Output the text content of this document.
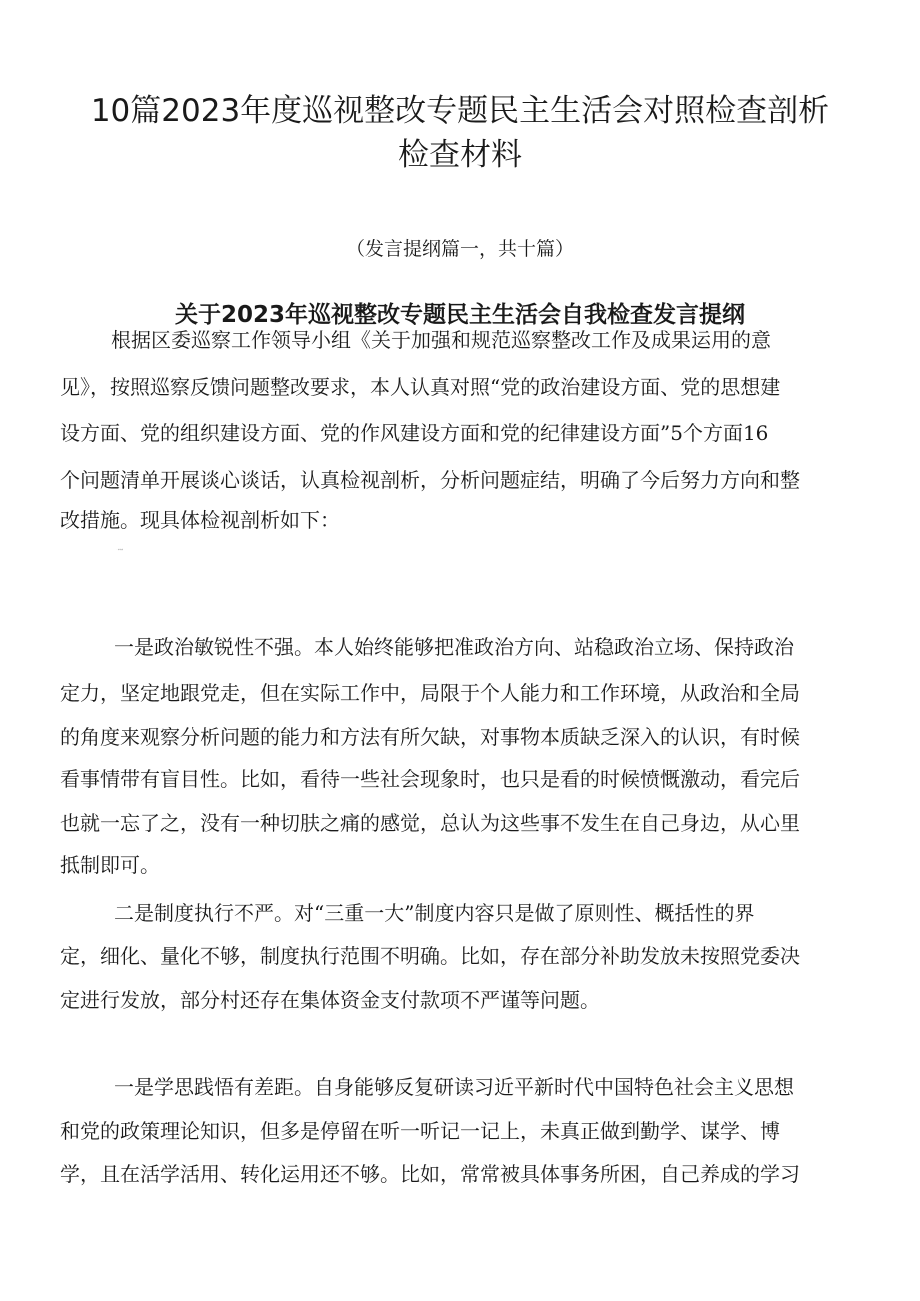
10篇2023年度巡视整改专题民主生活会对照检查剖析
检查材料
（发言提纲篇一，共十篇）
关于2023年巡视整改专题民主生活会自我检查发言提纲
根据区委巡察工作领导小组《关于加强和规范巡察整改工作及成果运用的意
见》，按照巡察反馈问题整改要求，本人认真对照“党的政治建设方面、党的思想建
设方面、党的组织建设方面、党的作风建设方面和党的纪律建设方面”5个方面16
个问题清单开展谈心谈话，认真检视剖析，分析问题症结，明确了今后努力方向和整
改措施。现具体检视剖析如下：
一、存在的问题
一是政治敏锐性不强。本人始终能够把准政治方向、站稳政治立场、保持政治
定力，坚定地跟党走，但在实际工作中，局限于个人能力和工作环境，从政治和全局
的角度来观察分析问题的能力和方法有所欠缺，对事物本质缺乏深入的认识，有时候
看事情带有盲目性。比如，看待一些社会现象时，也只是看的时候愤慨激动，看完后
也就一忘了之，没有一种切肤之痛的感觉，总认为这些事不发生在自己身边，从心里
抵制即可。
二是制度执行不严。对“三重一大”制度内容只是做了原则性、概括性的界
定，细化、量化不够，制度执行范围不明确。比如，存在部分补助发放未按照党委决
定进行发放，部分村还存在集体资金支付款项不严谨等问题。
一是学思践悟有差距。自身能够反复研读习近平新时代中国特色社会主义思想
和党的政策理论知识，但多是停留在听一听记一记上，未真正做到勤学、谋学、博
学，且在活学活用、转化运用还不够。比如，常常被具体事务所困，自己养成的学习
